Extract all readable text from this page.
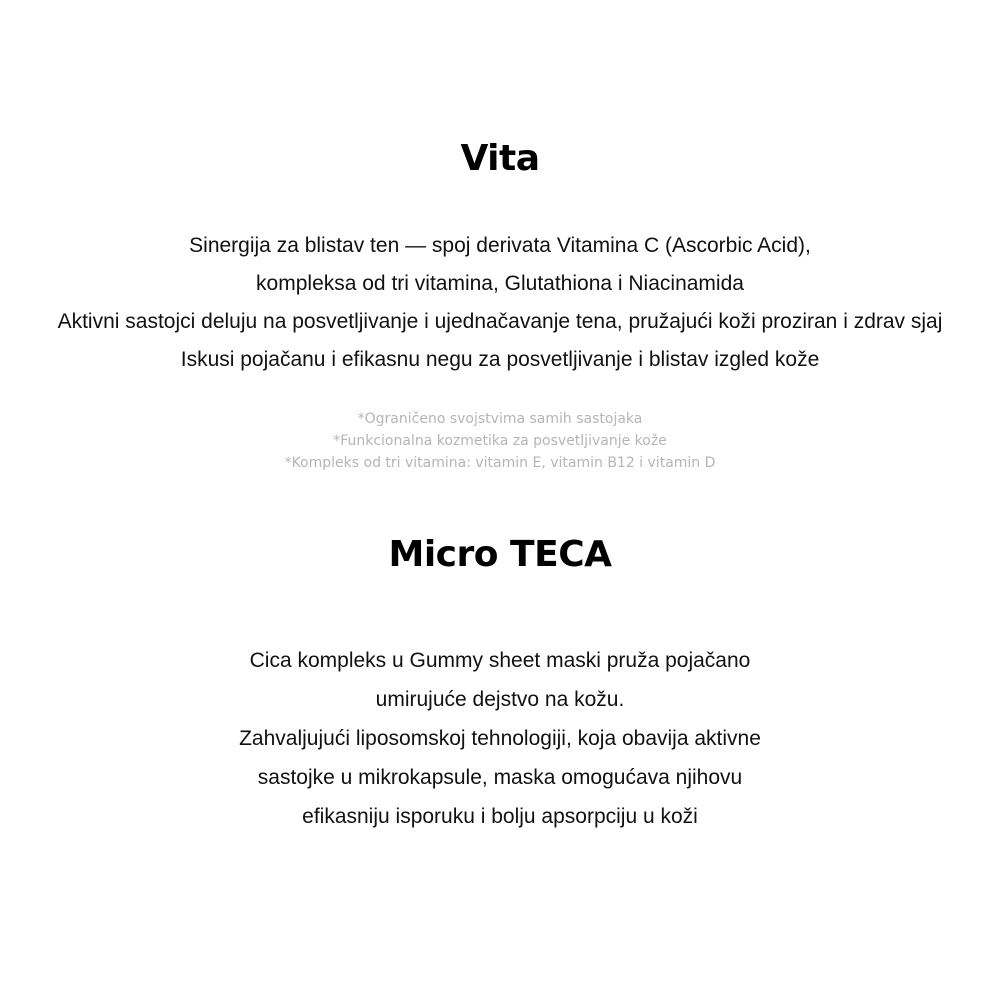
Vita
Sinergija za blistav ten — spoj derivata Vitamina C (Ascorbic Acid),
kompleksa od tri vitamina, Glutathiona i Niacinamida
Aktivni sastojci deluju na posvetljivanje i ujednačavanje tena, pružajući koži proziran i zdrav sjaj
Iskusi pojačanu i efikasnu negu za posvetljivanje i blistav izgled kože
*Ograničeno svojstvima samih sastojaka
*Funkcionalna kozmetika za posvetljivanje kože
*Kompleks od tri vitamina: vitamin E, vitamin B12 i vitamin D
Micro TECA
Cica kompleks u Gummy sheet maski pruža pojačano
umirujuće dejstvo na kožu.
Zahvaljujući liposomskoj tehnologiji, koja obavija aktivne
sastojke u mikrokapsule, maska omogućava njihovu
efikasniju isporuku i bolju apsorpciju u koži
